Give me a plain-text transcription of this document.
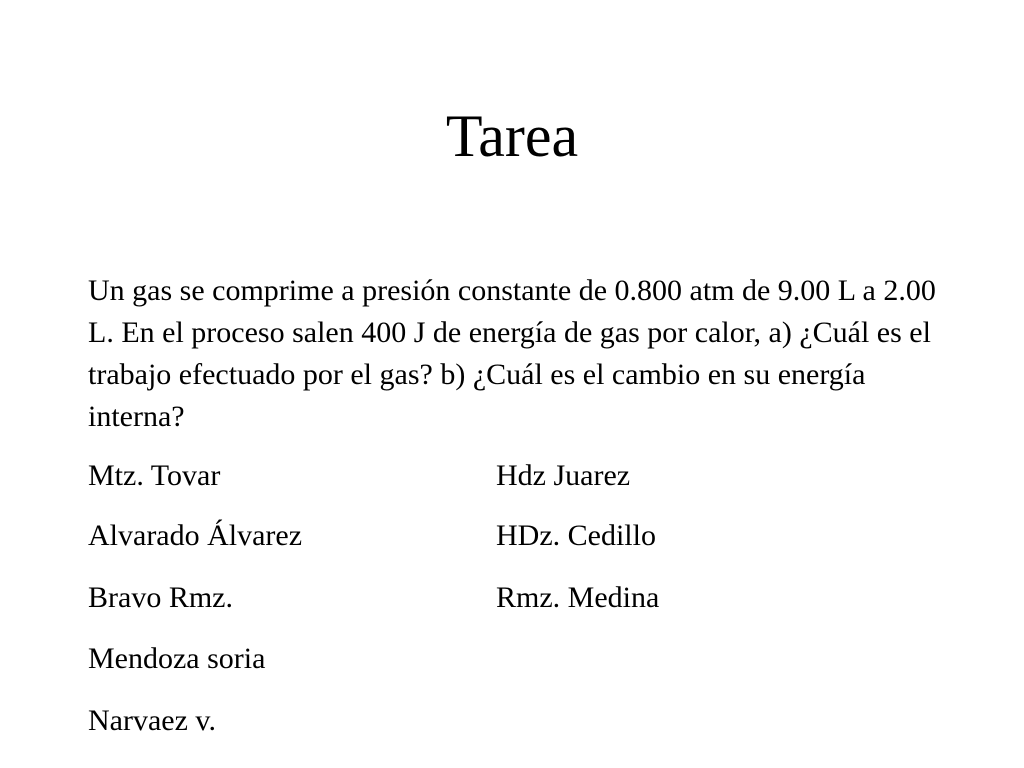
Tarea

Un gas se comprime a presión constante de 0.800 atm de 9.00 L a 2.00 L. En el proceso salen 400 J de energía de gas por calor, a) ¿Cuál es el trabajo efectuado por el gas? b) ¿Cuál es el cambio en su energía interna?

Mtz. Tovar
Alvarado Álvarez
Bravo Rmz.
Mendoza soria
Narvaez v.
Hdz Juarez
HDz. Cedillo
Rmz. Medina
